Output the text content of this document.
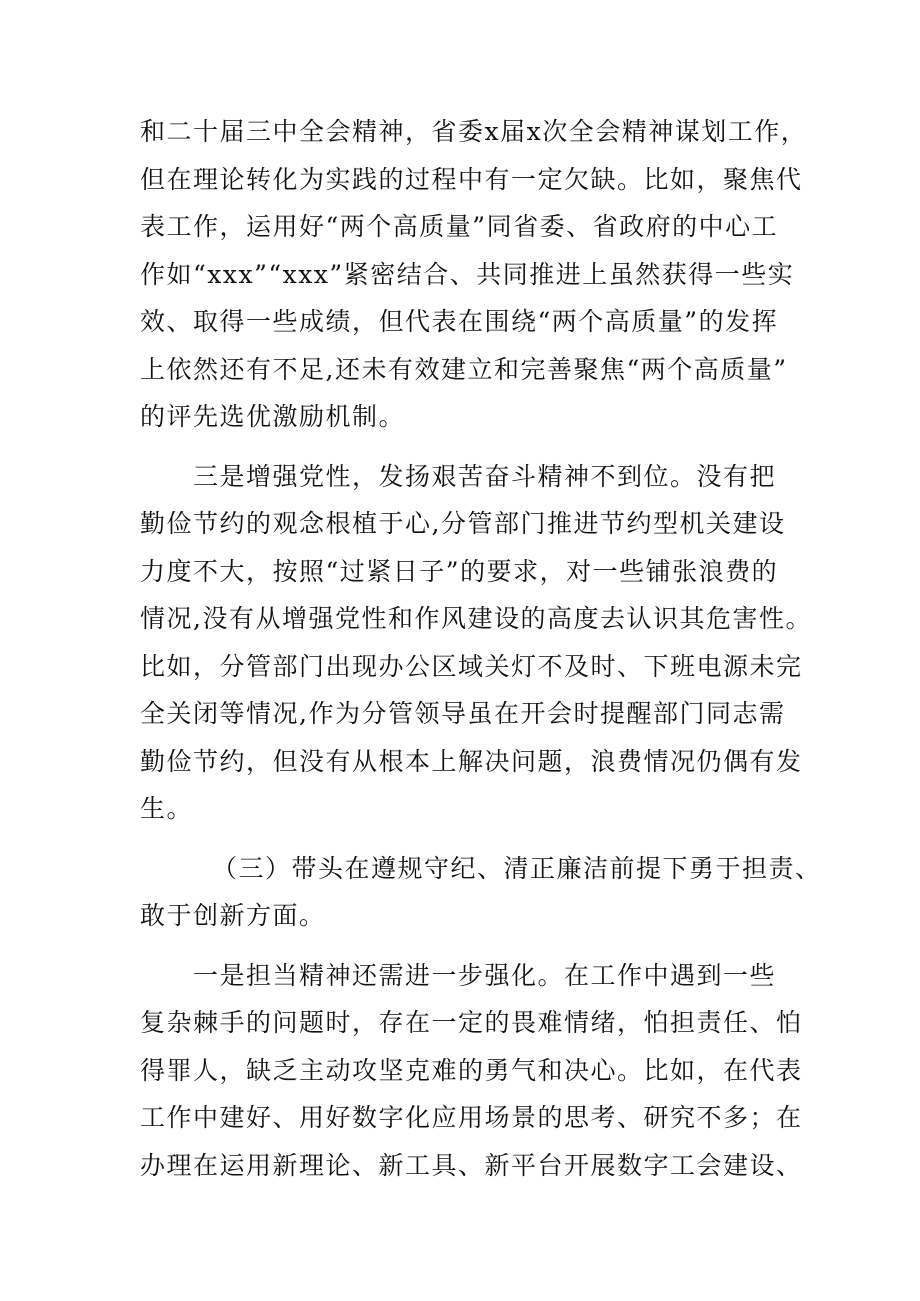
和二十届三中全会精神，省委x届x次全会精神谋划工作，
但在理论转化为实践的过程中有一定欠缺。比如，聚焦代
表工作，运用好“两个高质量”同省委、省政府的中心工
作如“xxx”“xxx”紧密结合、共同推进上虽然获得一些实
效、取得一些成绩，但代表在围绕“两个高质量”的发挥
上依然还有不足,还未有效建立和完善聚焦“两个高质量”
的评先选优激励机制。
三是增强党性，发扬艰苦奋斗精神不到位。没有把
勤俭节约的观念根植于心,分管部门推进节约型机关建设
力度不大，按照“过紧日子”的要求，对一些铺张浪费的
情况,没有从增强党性和作风建设的高度去认识其危害性。
比如，分管部门出现办公区域关灯不及时、下班电源未完
全关闭等情况,作为分管领导虽在开会时提醒部门同志需
勤俭节约，但没有从根本上解决问题，浪费情况仍偶有发
生。
（三）带头在遵规守纪、清正廉洁前提下勇于担责、
敢于创新方面。
一是担当精神还需进一步强化。在工作中遇到一些
复杂棘手的问题时，存在一定的畏难情绪，怕担责任、怕
得罪人，缺乏主动攻坚克难的勇气和决心。比如，在代表
工作中建好、用好数字化应用场景的思考、研究不多；在
办理在运用新理论、新工具、新平台开展数字工会建设、
